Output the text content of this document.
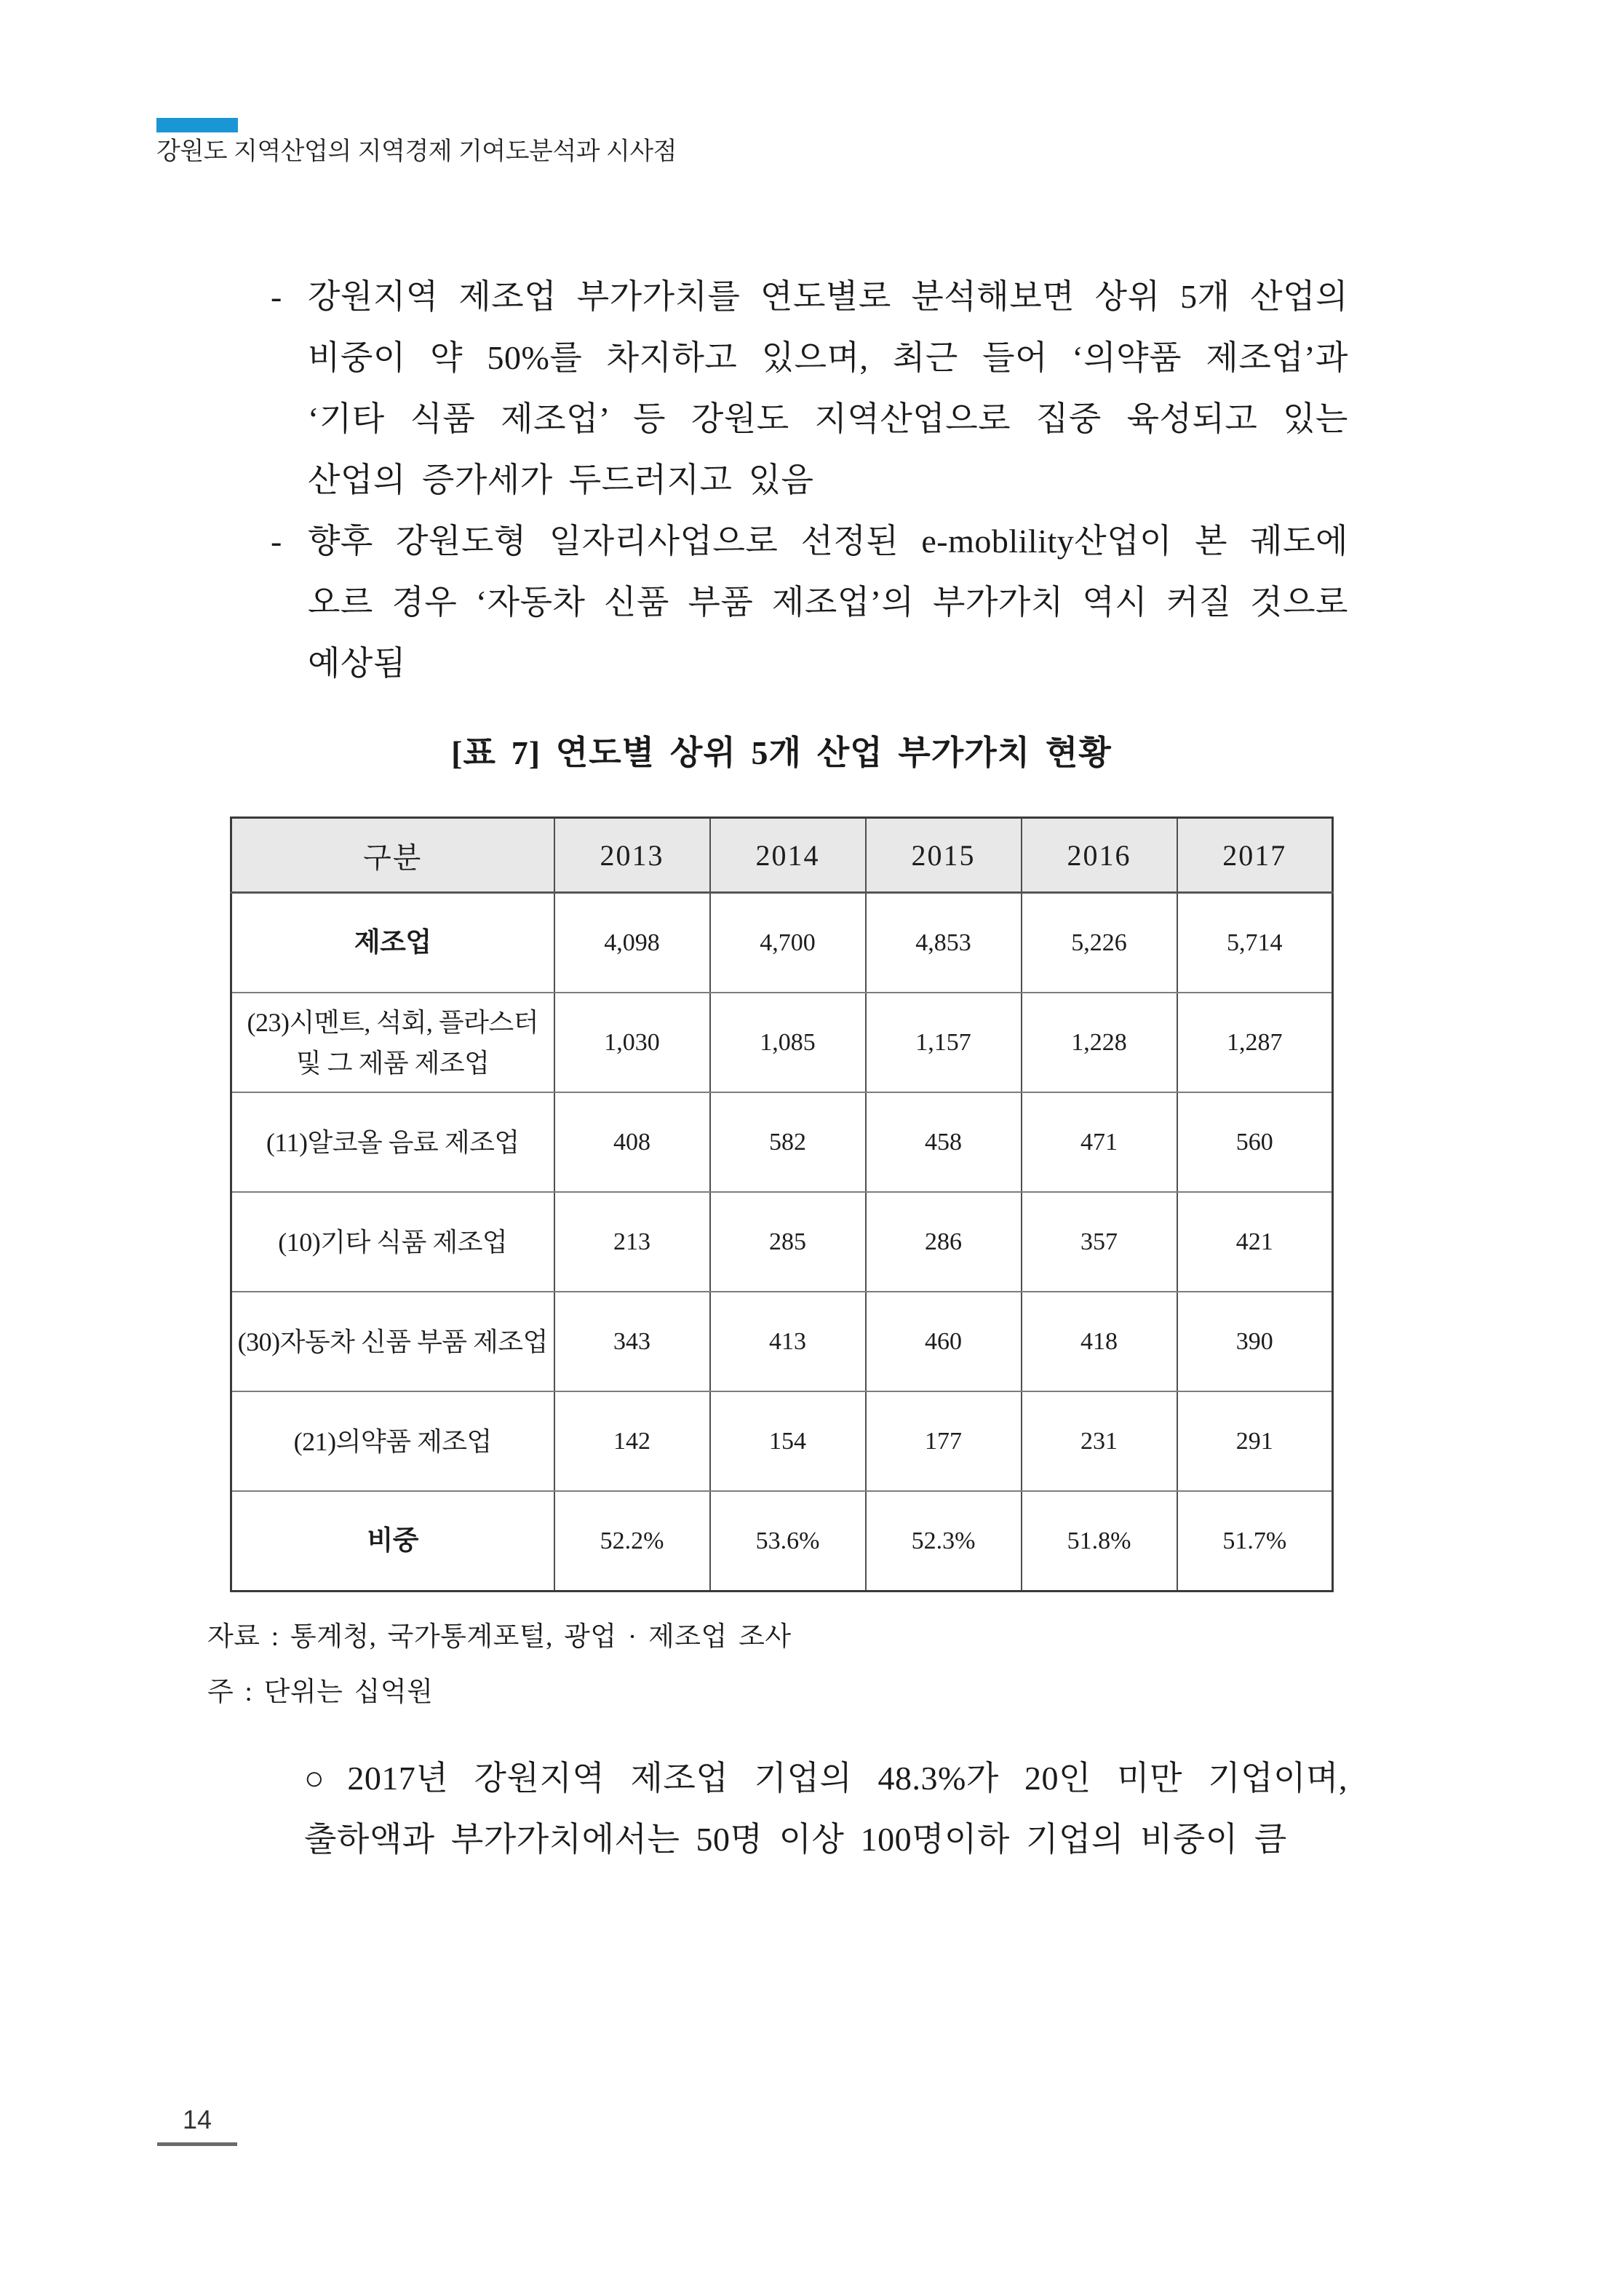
강원도 지역산업의 지역경제 기여도분석과 시사점
- 강원지역 제조업 부가가치를 연도별로 분석해보면 상위 5개 산업의 비중이 약 50%를 차지하고 있으며, 최근 들어 ‘의약품 제조업’과 ‘기타 식품 제조업’ 등 강원도 지역산업으로 집중 육성되고 있는 산업의 증가세가 두드러지고 있음
- 향후 강원도형 일자리사업으로 선정된 e-moblility산업이 본 궤도에 오르 경우 ‘자동차 신품 부품 제조업’의 부가가치 역시 커질 것으로 예상됨
[표 7] 연도별 상위 5개 산업 부가가치 현황
구분	2013	2014	2015	2016	2017
제조업	4,098	4,700	4,853	5,226	5,714
(23)시멘트, 석회, 플라스터 및 그 제품 제조업	1,030	1,085	1,157	1,228	1,287
(11)알코올 음료 제조업	408	582	458	471	560
(10)기타 식품 제조업	213	285	286	357	421
(30)자동차 신품 부품 제조업	343	413	460	418	390
(21)의약품 제조업	142	154	177	231	291
비중	52.2%	53.6%	52.3%	51.8%	51.7%
자료 : 통계청, 국가통계포털, 광업 · 제조업 조사
주 : 단위는 십억원
○ 2017년 강원지역 제조업 기업의 48.3%가 20인 미만 기업이며, 출하액과 부가가치에서는 50명 이상 100명이하 기업의 비중이 큼
14
